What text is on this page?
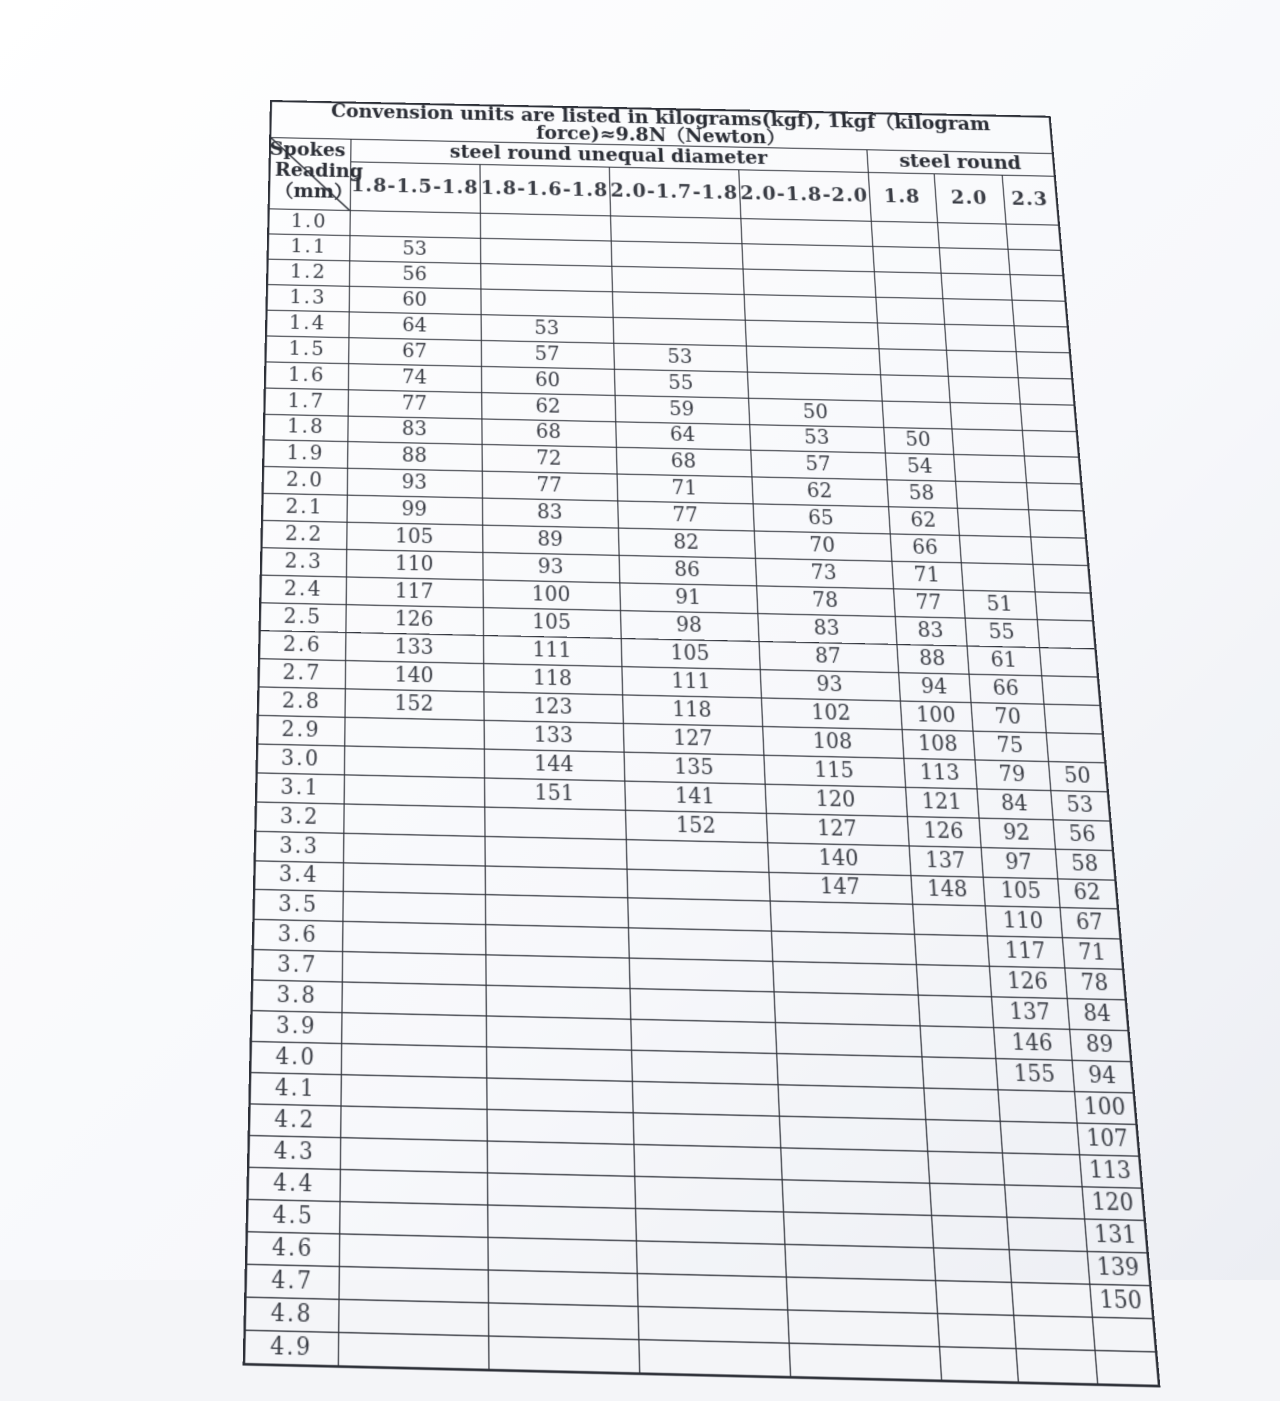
Convension units are listed in kilograms(kgf), 1kgf（kilogram force)≈9.8N（Newton）							

Spokes
Reading
（mm）	steel round unequal diameter				steel round		
	1.8-1.5-1.8	1.8-1.6-1.8	2.0-1.7-1.8	2.0-1.8-2.0	1.8	2.0	2.3
1.0							
1.1	53						
1.2	56						
1.3	60						
1.4	64	53					
1.5	67	57	53				
1.6	74	60	55				
1.7	77	62	59	50			
1.8	83	68	64	53	50		
1.9	88	72	68	57	54		
2.0	93	77	71	62	58		
2.1	99	83	77	65	62		
2.2	105	89	82	70	66		
2.3	110	93	86	73	71		
2.4	117	100	91	78	77	51	
2.5	126	105	98	83	83	55	
2.6	133	111	105	87	88	61	
2.7	140	118	111	93	94	66	
2.8	152	123	118	102	100	70	
2.9		133	127	108	108	75	
3.0		144	135	115	113	79	50
3.1		151	141	120	121	84	53
3.2			152	127	126	92	56
3.3				140	137	97	58
3.4				147	148	105	62
3.5						110	67
3.6						117	71
3.7						126	78
3.8						137	84
3.9						146	89
4.0						155	94
4.1							100
4.2							107
4.3							113
4.4							120
4.5							131
4.6							139
4.7							150
4.8							
4.9							
